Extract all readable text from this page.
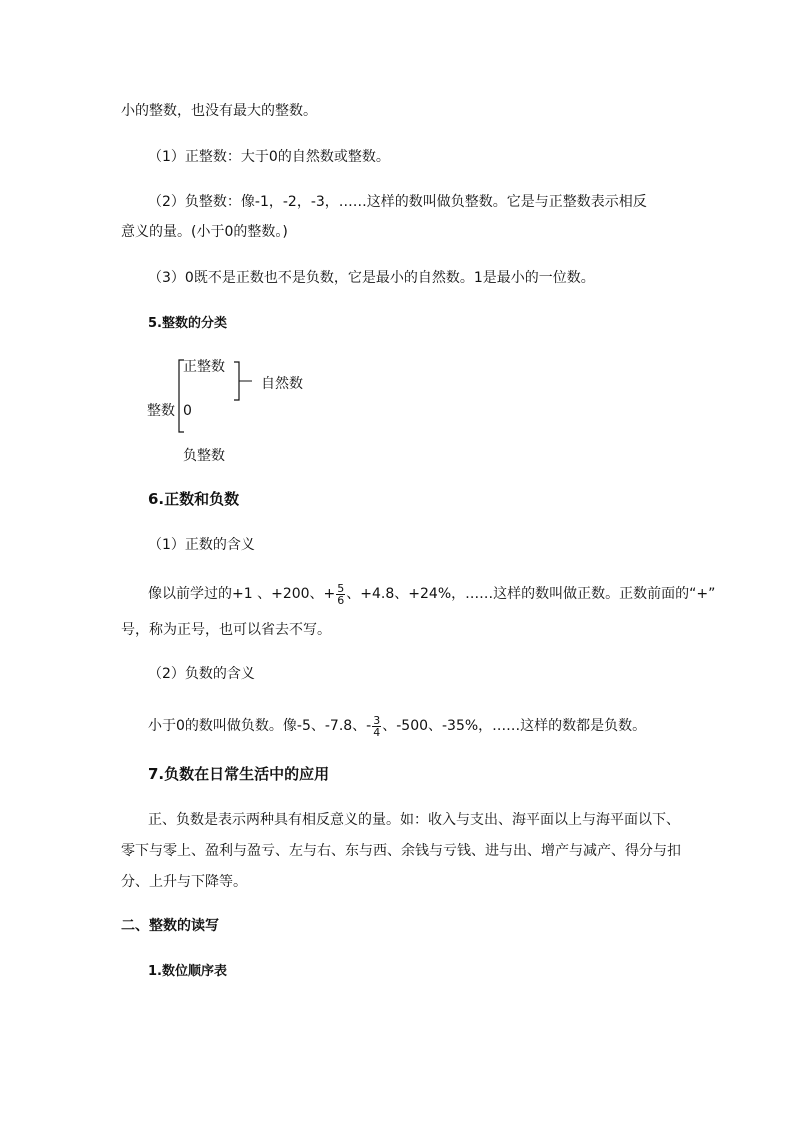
小的整数，也没有最大的整数。
（1）正整数：大于0的自然数或整数。
（2）负整数：像-1，-2，-3，……这样的数叫做负整数。它是与正整数表示相反
意义的量。(小于0的整数。)
（3）0既不是正数也不是负数，它是最小的自然数。1是最小的一位数。
5.整数的分类
正整数
自然数
整数 0
负整数
6.正数和负数
（1）正数的含义
像以前学过的+1 、+200、+ $\frac{5}{6}$ 、+4.8、+24%，……这样的数叫做正数。正数前面的“+”
号，称为正号，也可以省去不写。
（2）负数的含义
小于0的数叫做负数。像-5、-7.8、- $\frac{3}{4}$ 、-500、-35%，……这样的数都是负数。
7.负数在日常生活中的应用
正、负数是表示两种具有相反意义的量。如：收入与支出、海平面以上与海平面以下、
零下与零上、盈利与盈亏、左与右、东与西、余钱与亏钱、进与出、增产与减产、得分与扣
分、上升与下降等。
二、整数的读写
1.数位顺序表
